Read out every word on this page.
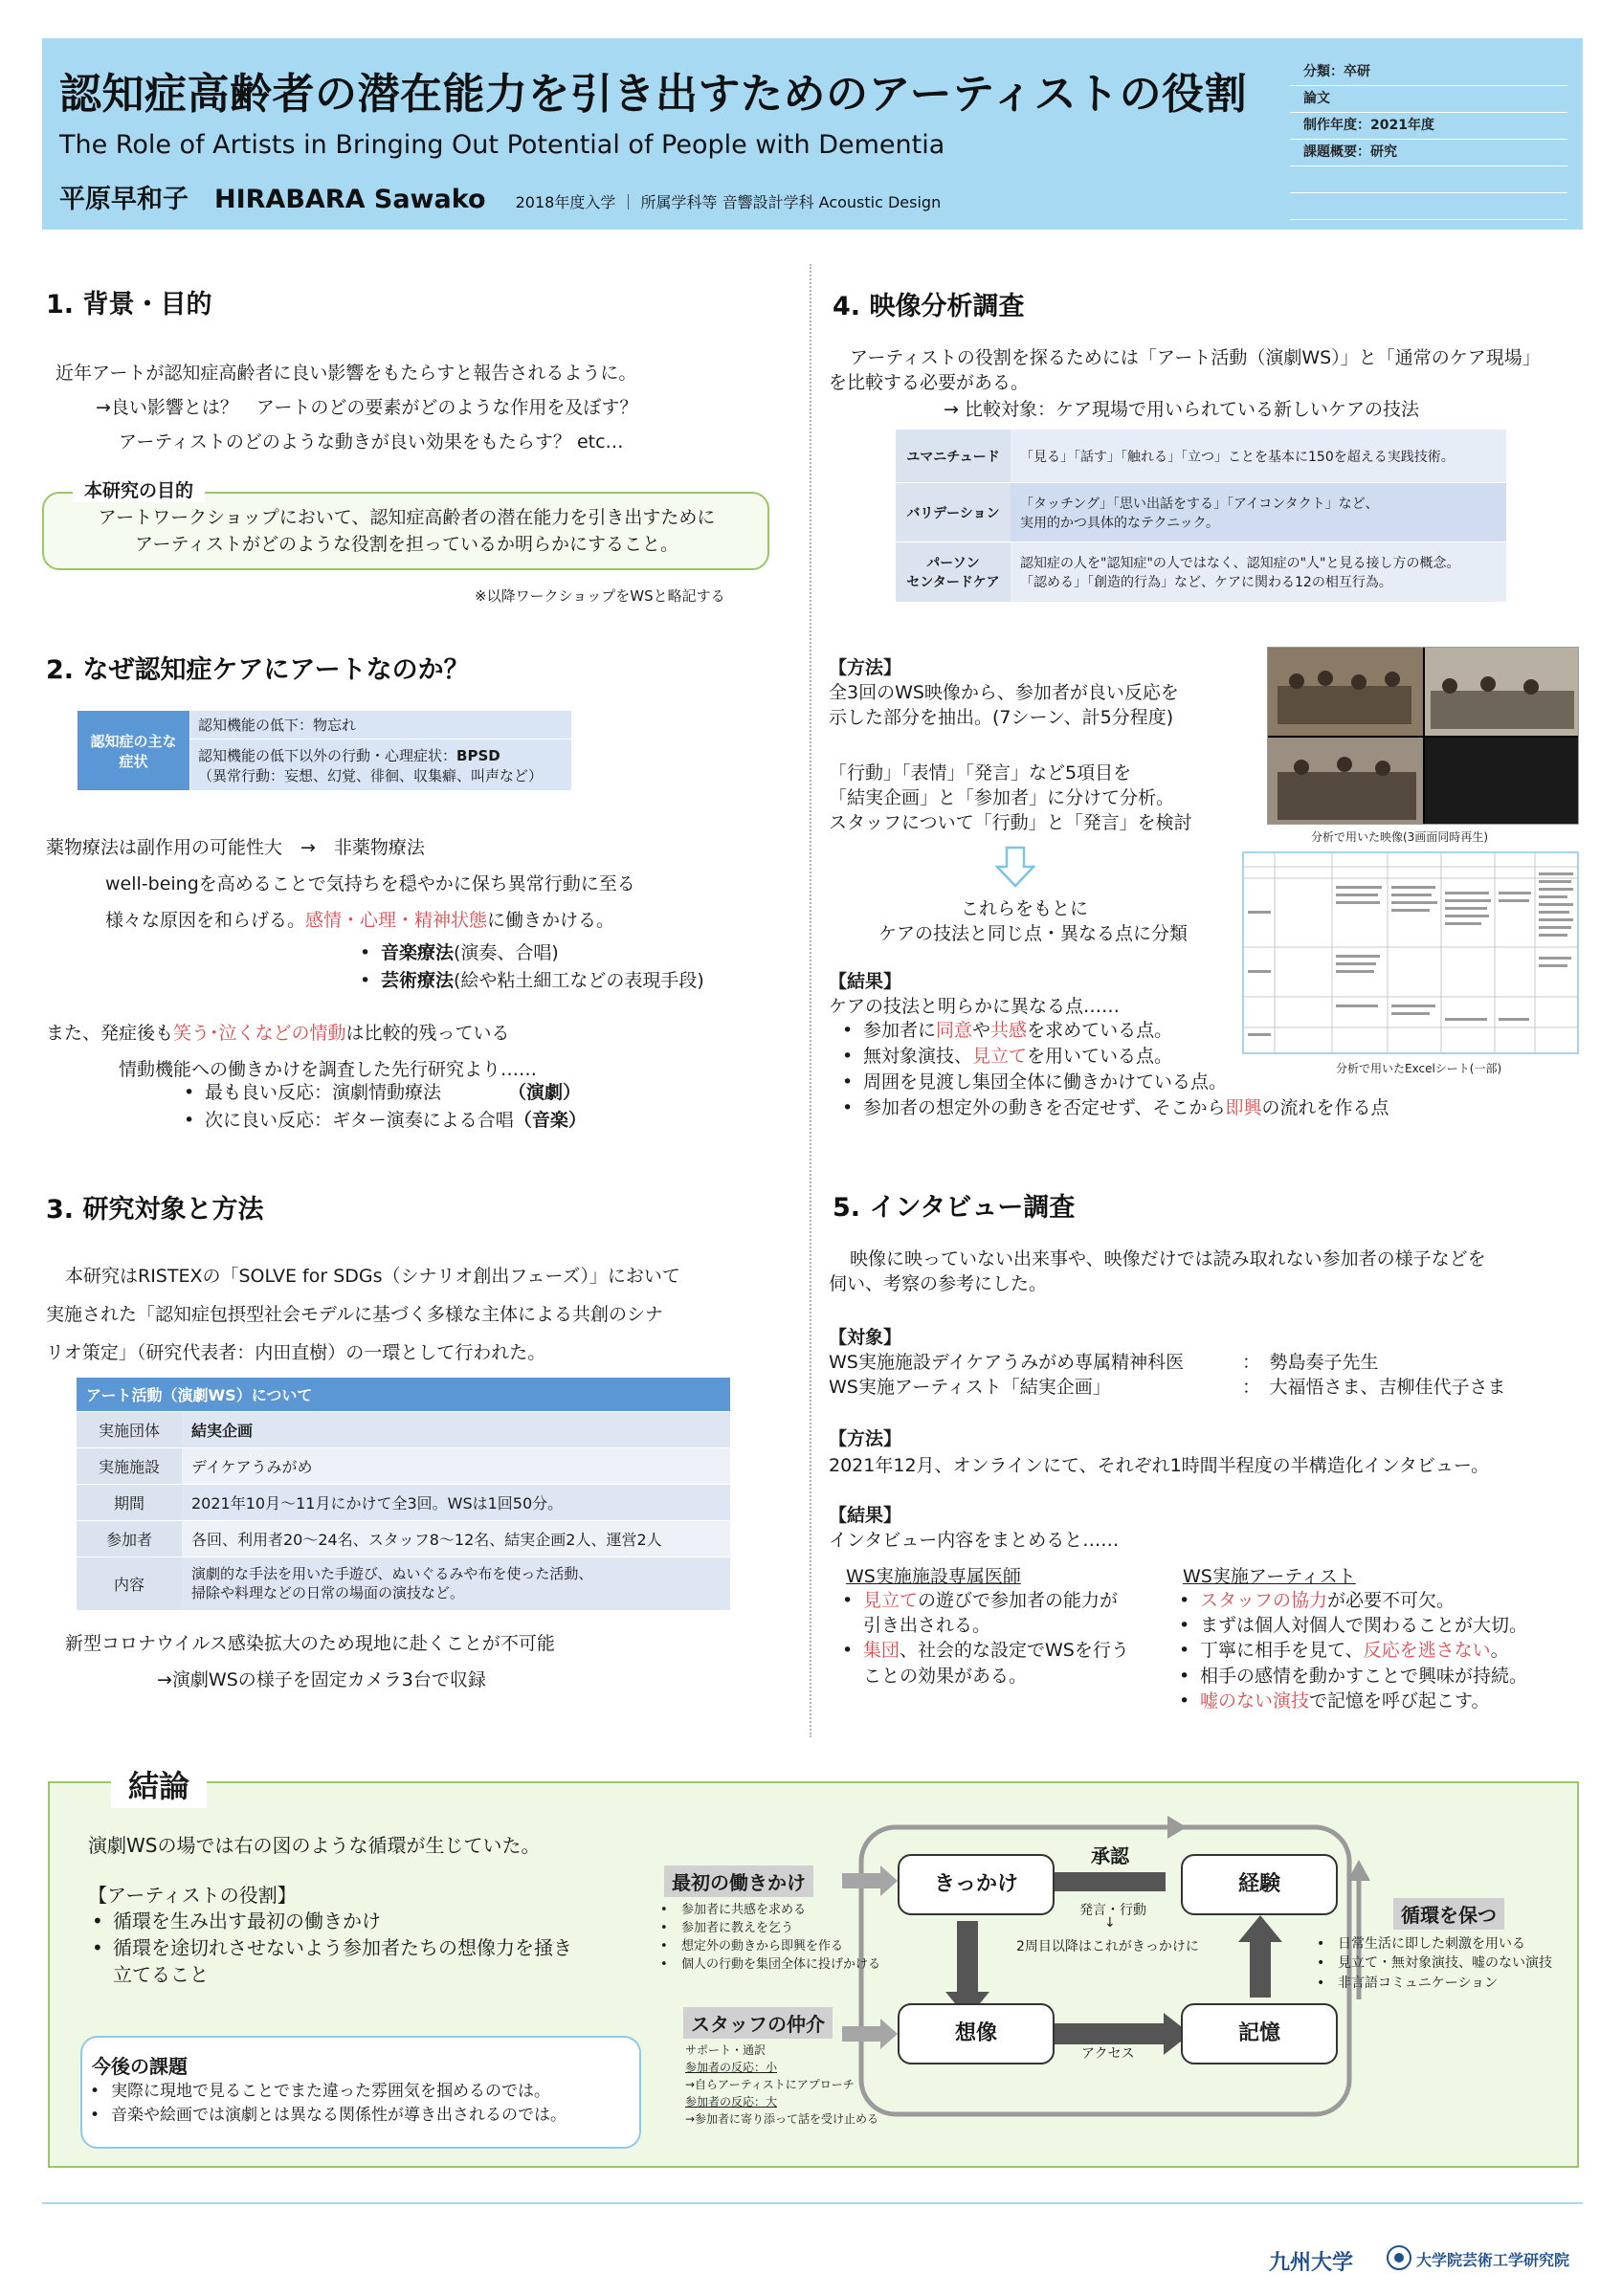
認知症高齢者の潜在能力を引き出すためのアーティストの役割
The Role of Artists in Bringing Out Potential of People with Dementia
平原早和子　HIRABARA Sawako 2018年度入学 ｜ 所属学科等 音響設計学科 Acoustic Design
分類：卒研
論文
制作年度：2021年度
課題概要：研究
1. 背景・目的
近年アートが認知症高齢者に良い影響をもたらすと報告されるように。
→良い影響とは？　アートのどの要素がどのような作用を及ぼす？
アーティストのどのような動きが良い効果をもたらす？ etc…
本研究の目的
アートワークショップにおいて、認知症高齢者の潜在能力を引き出すために
アーティストがどのような役割を担っているか明らかにすること。
※以降ワークショップをWSと略記する
2. なぜ認知症ケアにアートなのか？
認知症の主な症状	認知機能の低下：物忘れ
認知機能の低下以外の行動・心理症状：BPSD
（異常行動：妄想、幻覚、徘徊、収集癖、叫声など）
薬物療法は副作用の可能性大　→　非薬物療法
well-beingを高めることで気持ちを穏やかに保ち異常行動に至る
様々な原因を和らげる。感情・心理・精神状態に働きかける。
• 音楽療法(演奏、合唱)
• 芸術療法(絵や粘土細工などの表現手段)
また、発症後も笑う･泣くなどの情動は比較的残っている
情動機能への働きかけを調査した先行研究より……
• 最も良い反応：演劇情動療法	（演劇）
• 次に良い反応：ギター演奏による合唱（音楽）
3. 研究対象と方法
本研究はRISTEXの「SOLVE for SDGs（シナリオ創出フェーズ）」において
実施された「認知症包摂型社会モデルに基づく多様な主体による共創のシナ
リオ策定」（研究代表者：内田直樹）の一環として行われた。
アート活動（演劇WS）について	
実施団体	結実企画
実施施設	デイケアうみがめ
期間	2021年10月～11月にかけて全3回。WSは1回50分。
参加者	各回、利用者20～24名、スタッフ8～12名、結実企画2人、運営2人
内容	演劇的な手法を用いた手遊び、ぬいぐるみや布を使った活動、
掃除や料理などの日常の場面の演技など。
新型コロナウイルス感染拡大のため現地に赴くことが不可能
→演劇WSの様子を固定カメラ3台で収録
4. 映像分析調査
アーティストの役割を探るためには「アート活動（演劇WS）」と「通常のケア現場」
を比較する必要がある。
→ 比較対象：ケア現場で用いられている新しいケアの技法
ユマニチュード	「見る」「話す」「触れる」「立つ」ことを基本に150を超える実践技術。
バリデーション	「タッチング」「思い出話をする」「アイコンタクト」など、
実用的かつ具体的なテクニック。
パーソン
センタードケア	認知症の人を"認知症"の人ではなく、認知症の"人"と見る接し方の概念。
「認める」「創造的行為」など、ケアに関わる12の相互行為。
【方法】
全3回のWS映像から、参加者が良い反応を
示した部分を抽出。(7シーン、計5分程度)
「行動」「表情」「発言」など5項目を
「結実企画」と「参加者」に分けて分析。
スタッフについて「行動」と「発言」を検討
これらをもとに
ケアの技法と同じ点・異なる点に分類
【結果】
ケアの技法と明らかに異なる点……
• 参加者に同意や共感を求めている点。
• 無対象演技、見立てを用いている点。
• 周囲を見渡し集団全体に働きかけている点。
• 参加者の想定外の動きを否定せず、そこから即興の流れを作る点
分析で用いた映像(3画面同時再生)
分析で用いたExcelシート(一部)
5. インタビュー調査
映像に映っていない出来事や、映像だけでは読み取れない参加者の様子などを
伺い、考察の参考にした。
【対象】
WS実施施設デイケアうみがめ専属精神科医	：　勢島奏子先生
WS実施アーティスト「結実企画」	：　大福悟さま、吉柳佳代子さま
【方法】
2021年12月、オンラインにて、それぞれ1時間半程度の半構造化インタビュー。
【結果】
インタビュー内容をまとめると……
WS実施施設専属医師
• 見立ての遊びで参加者の能力が
引き出される。
• 集団、社会的な設定でWSを行う
ことの効果がある。
WS実施アーティスト
• スタッフの協力が必要不可欠。
• まずは個人対個人で関わることが大切。
• 丁寧に相手を見て、反応を逃さない。
• 相手の感情を動かすことで興味が持続。
• 嘘のない演技で記憶を呼び起こす。
結論
演劇WSの場では右の図のような循環が生じていた。
【アーティストの役割】
• 循環を生み出す最初の働きかけ
• 循環を途切れさせないよう参加者たちの想像力を掻き
立てること
今後の課題
• 実際に現地で見ることでまた違った雰囲気を掴めるのでは。
• 音楽や絵画では演劇とは異なる関係性が導き出されるのでは。
きっかけ	経験
想像	記憶
承認
発言・行動
↓
2周目以降はこれがきっかけに
アクセス
最初の働きかけ
• 参加者に共感を求める
• 参加者に教えを乞う
• 想定外の動きから即興を作る
• 個人の行動を集団全体に投げかける
スタッフの仲介
サポート・通訳
参加者の反応：小
→自らアーティストにアプローチ
参加者の反応：大
→参加者に寄り添って話を受け止める
循環を保つ
• 日常生活に即した刺激を用いる
• 見立て・無対象演技、嘘のない演技
• 非言語コミュニケーション
九州大学	大学院芸術工学研究院
